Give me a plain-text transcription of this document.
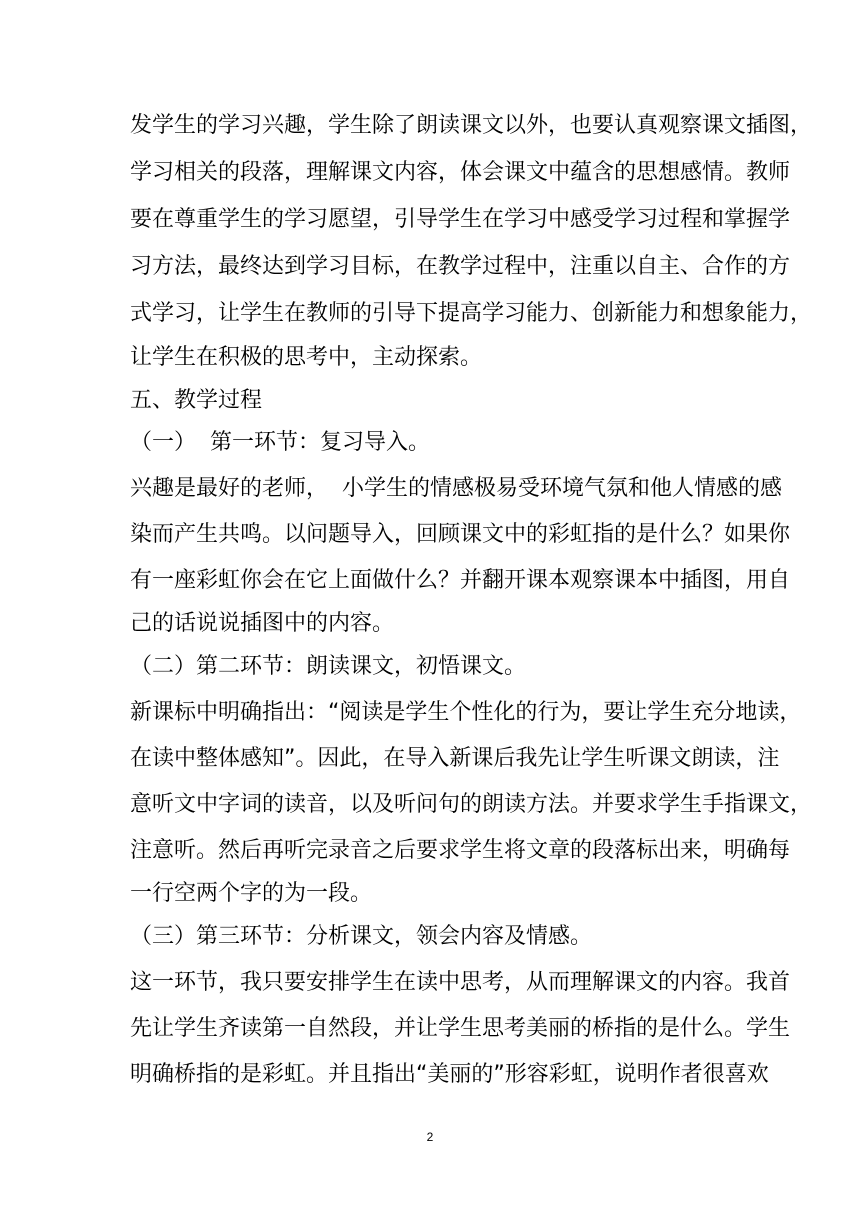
发学生的学习兴趣，学生除了朗读课文以外，也要认真观察课文插图，
学习相关的段落，理解课文内容，体会课文中蕴含的思想感情。教师
要在尊重学生的学习愿望，引导学生在学习中感受学习过程和掌握学
习方法，最终达到学习目标，在教学过程中，注重以自主、合作的方
式学习，让学生在教师的引导下提高学习能力、创新能力和想象能力，
让学生在积极的思考中，主动探索。
五、教学过程
（一）  第一环节：复习导入。
兴趣是最好的老师，  小学生的情感极易受环境气氛和他人情感的感
染而产生共鸣。以问题导入，回顾课文中的彩虹指的是什么？如果你
有一座彩虹你会在它上面做什么？并翻开课本观察课本中插图，用自
己的话说说插图中的内容。
（二）第二环节：朗读课文，初悟课文。
新课标中明确指出：“阅读是学生个性化的行为，要让学生充分地读，
在读中整体感知”。因此，在导入新课后我先让学生听课文朗读，注
意听文中字词的读音，以及听问句的朗读方法。并要求学生手指课文，
注意听。然后再听完录音之后要求学生将文章的段落标出来，明确每
一行空两个字的为一段。
（三）第三环节：分析课文，领会内容及情感。
这一环节，我只要安排学生在读中思考，从而理解课文的内容。我首
先让学生齐读第一自然段，并让学生思考美丽的桥指的是什么。学生
明确桥指的是彩虹。并且指出“美丽的”形容彩虹，说明作者很喜欢
2
